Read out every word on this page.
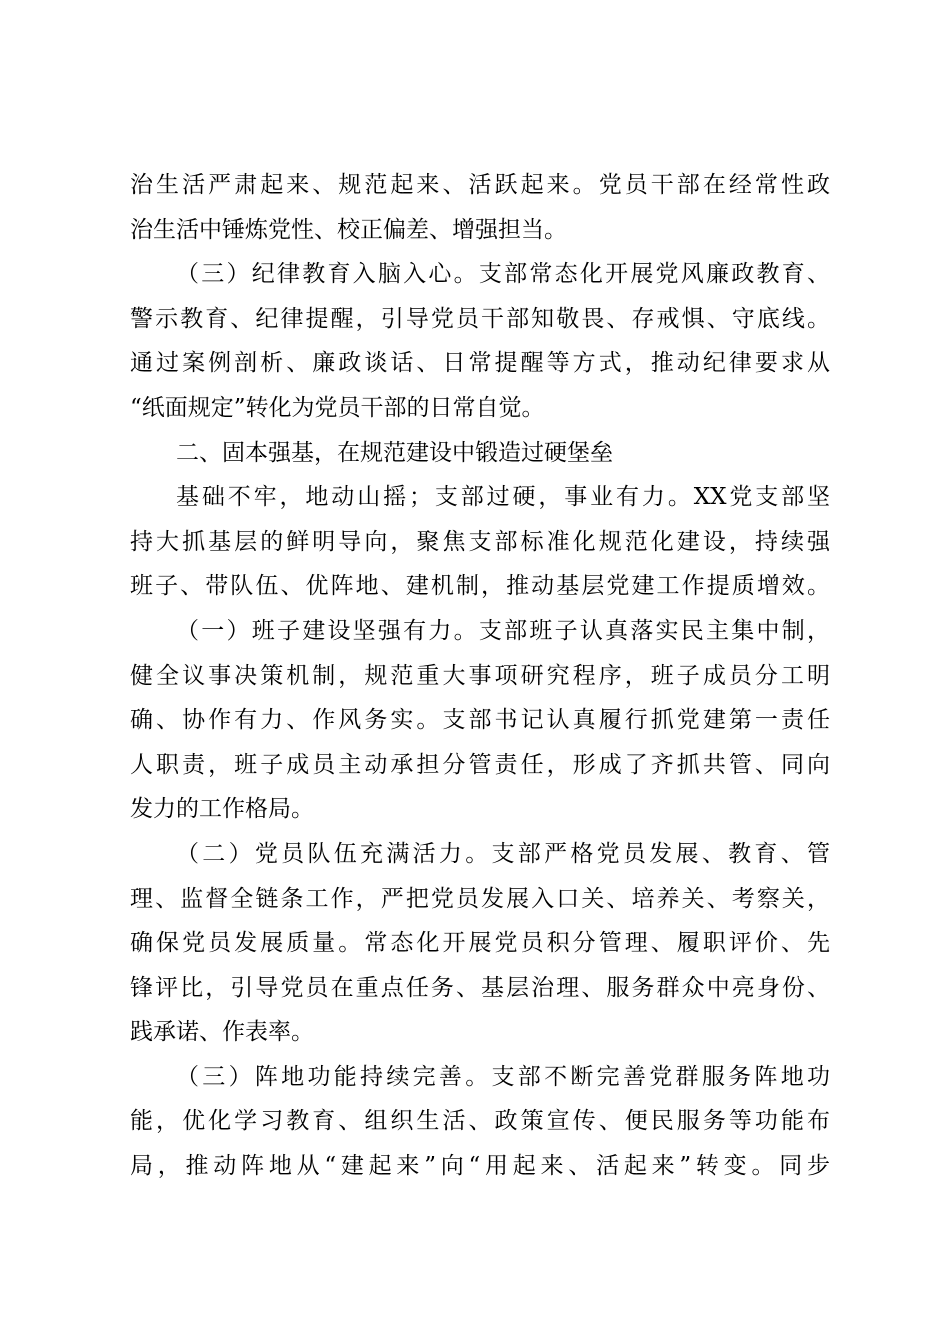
治生活严肃起来、规范起来、活跃起来。党员干部在经常性政
治生活中锤炼党性、校正偏差、增强担当。
（三）纪律教育入脑入心。支部常态化开展党风廉政教育、
警示教育、纪律提醒，引导党员干部知敬畏、存戒惧、守底线。
通过案例剖析、廉政谈话、日常提醒等方式，推动纪律要求从
“纸面规定”转化为党员干部的日常自觉。
二、固本强基，在规范建设中锻造过硬堡垒
基础不牢，地动山摇；支部过硬，事业有力。XX党支部坚
持大抓基层的鲜明导向，聚焦支部标准化规范化建设，持续强
班子、带队伍、优阵地、建机制，推动基层党建工作提质增效。
（一）班子建设坚强有力。支部班子认真落实民主集中制，
健全议事决策机制，规范重大事项研究程序，班子成员分工明
确、协作有力、作风务实。支部书记认真履行抓党建第一责任
人职责，班子成员主动承担分管责任，形成了齐抓共管、同向
发力的工作格局。
（二）党员队伍充满活力。支部严格党员发展、教育、管
理、监督全链条工作，严把党员发展入口关、培养关、考察关，
确保党员发展质量。常态化开展党员积分管理、履职评价、先
锋评比，引导党员在重点任务、基层治理、服务群众中亮身份、
践承诺、作表率。
（三）阵地功能持续完善。支部不断完善党群服务阵地功
能，优化学习教育、组织生活、政策宣传、便民服务等功能布
局，推动阵地从“建起来”向“用起来、活起来”转变。同步
